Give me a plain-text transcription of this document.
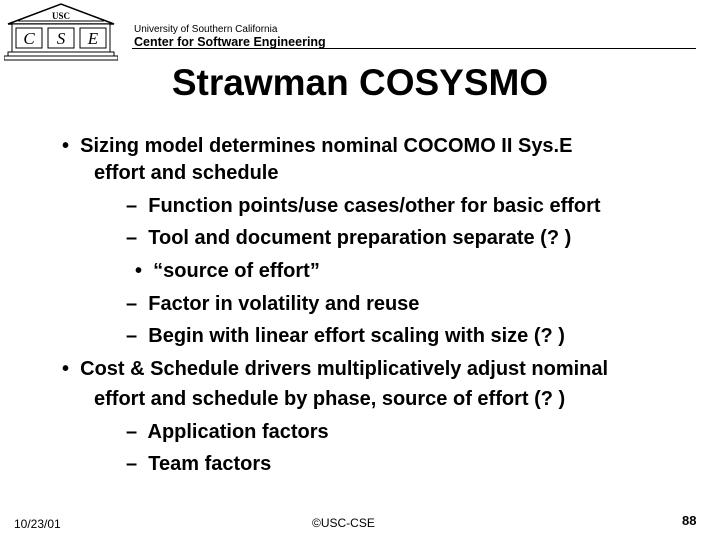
USC
C S E	University of Southern California
Center for Software Engineering
Strawman COSYSMO
• Sizing model determines nominal COCOMO II Sys.E
effort and schedule
– Function points/use cases/other for basic effort
– Tool and document preparation separate (? )
• “source of effort”
– Factor in volatility and reuse
– Begin with linear effort scaling with size (? )
• Cost & Schedule drivers multiplicatively adjust nominal
effort and schedule by phase, source of effort (? )
– Application factors
– Team factors
10/23/01	©USC-CSE	88
